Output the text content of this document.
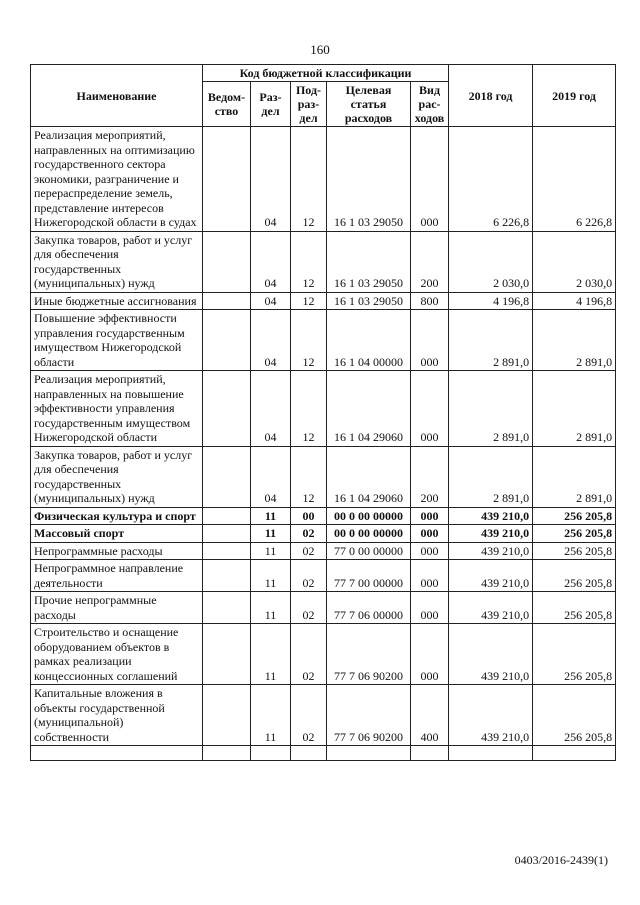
160
Наименование	Код бюджетной классификации					2018 год	2019 год
	Ведом-ство	Раз-дел	Под-раз-дел	Целевая статья расходов	Вид рас-ходов		
Реализация мероприятий, направленных на оптимизацию государственного сектора экономики, разграничение и перераспределение земель, представление интересов Нижегородской области в судах		04	12	16 1 03 29050	000	6 226,8	6 226,8
Закупка товаров, работ и услуг для обеспечения государственных (муниципальных) нужд		04	12	16 1 03 29050	200	2 030,0	2 030,0
Иные бюджетные ассигнования		04	12	16 1 03 29050	800	4 196,8	4 196,8
Повышение эффективности управления государственным имуществом Нижегородской области		04	12	16 1 04 00000	000	2 891,0	2 891,0
Реализация мероприятий, направленных на повышение эффективности управления государственным имуществом Нижегородской области		04	12	16 1 04 29060	000	2 891,0	2 891,0
Закупка товаров, работ и услуг для обеспечения государственных (муниципальных) нужд		04	12	16 1 04 29060	200	2 891,0	2 891,0
Физическая культура и спорт		11	00	00 0 00 00000	000	439 210,0	256 205,8
Массовый спорт		11	02	00 0 00 00000	000	439 210,0	256 205,8
Непрограммные расходы		11	02	77 0 00 00000	000	439 210,0	256 205,8
Непрограммное направление деятельности		11	02	77 7 00 00000	000	439 210,0	256 205,8
Прочие непрограммные расходы		11	02	77 7 06 00000	000	439 210,0	256 205,8
Строительство и оснащение оборудованием объектов в рамках реализации концессионных соглашений		11	02	77 7 06 90200	000	439 210,0	256 205,8
Капитальные вложения в объекты государственной (муниципальной) собственности		11	02	77 7 06 90200	400	439 210,0	256 205,8

0403/2016-2439(1)
